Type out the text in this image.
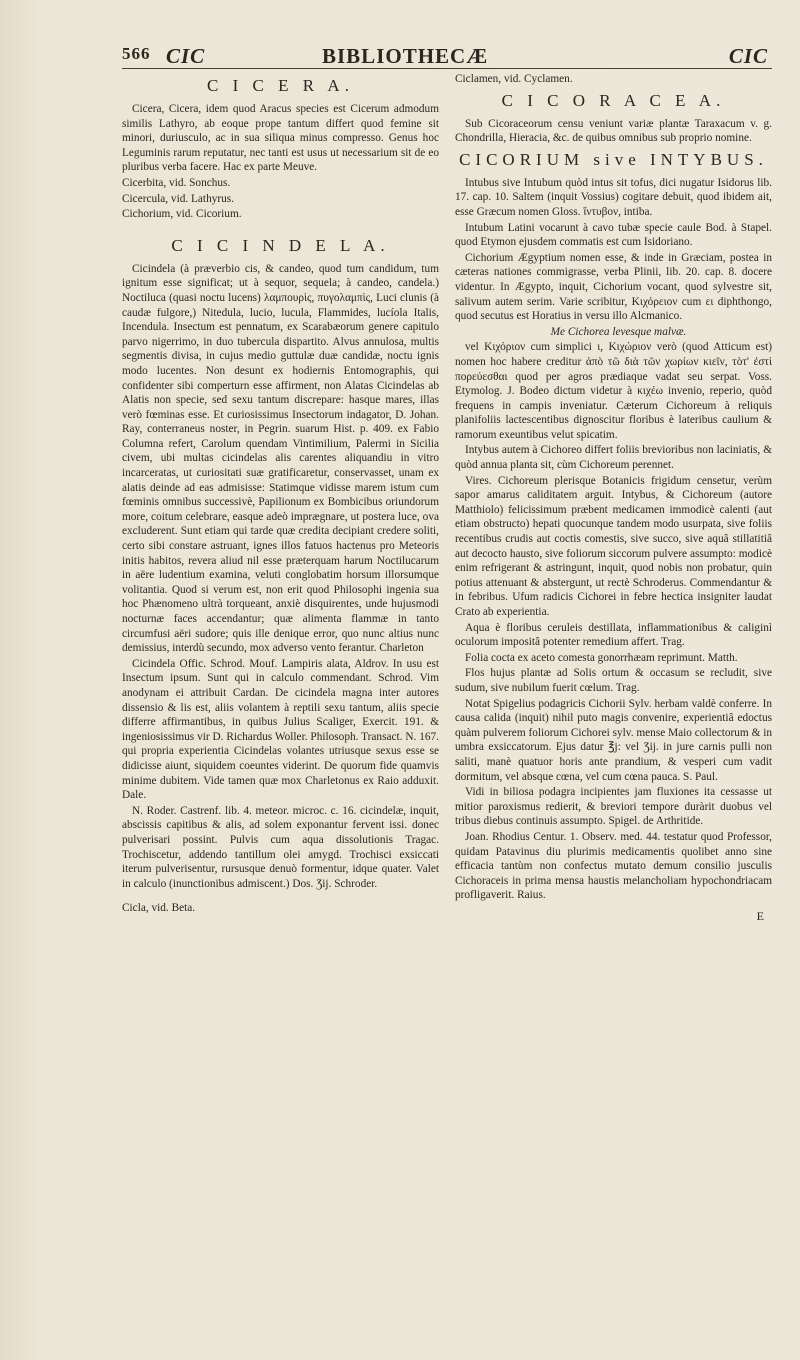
566 CIC	BIBLIOTHECÆ	CIC
C I C E R A.

Cicera, Cicera, idem quod Aracus species est Cicerum admodum similis Lathyro, ab eoque prope tantum differt quod femine sit minori, duriusculo, ac in sua siliqua minus compresso. Genus hoc Leguminis rarum reputatur, nec tanti est usus ut necessarium sit de eo pluribus verba facere. Hac ex parte Meuve.

Cicerbita, vid. Sonchus.

Cicercula, vid. Lathyrus.

Cichorium, vid. Cicorium.

C I C I N D E L A.

Cicindela (à præverbio cis, & candeo, quod tum candidum, tum ignitum esse significat; ut à sequor, sequela; à candeo, candela.) Noctiluca (quasi noctu lucens) λαμπουρὶς, πυγολαμπὶς, Luci clunis (à caudæ fulgore,) Nitedula, lucio, lucula, Flammides, lucíola Italis, Incendula. Insectum est pennatum, ex Scarabæorum genere capitulo parvo nigerrimo, in duo tubercula dispartito. Alvus annulosa, multis segmentis divisa, in cujus medio guttulæ duæ candidæ, noctu ignis modo lucentes. Non desunt ex hodiernis Entomographis, qui confidenter sibi comperturn esse affirment, non Alatas Cicindelas ab Alatis non specie, sed sexu tantum discrepare: hasque mares, illas verò fœminas esse. Et curiosissimus Insectorum indagator, D. Johan. Ray, conterraneus noster, in Pegrin. suarum Hist. p. 409. ex Fabio Columna refert, Carolum quendam Vintimilium, Palermi in Sicilia civem, ubi multas cicindelas alis carentes aliquandiu in vitro incarceratas, ut curiositati suæ gratificaretur, conservasset, unam ex alatis deinde ad eas admisisse: Statimque vidisse marem istum cum fœminis omnibus successivè, Papilionum ex Bombicibus oriundorum more, coitum celebrare, easque adeò imprægnare, ut postera luce, ova excluderent. Sunt etiam qui tarde quæ credita decipiant credere soliti, certo sibi constare astruant, ignes illos fatuos hactenus pro Meteoris initis habitos, revera aliud nil esse præterquam harum Noctilucarum in aëre ludentium examina, veluti conglobatim horsum illorsumque volitantia. Quod si verum est, non erit quod Philosophi ingenia sua hoc Phænomeno ultrà torqueant, anxiè disquirentes, unde hujusmodi nocturnæ faces accendantur; quæ alimenta flammæ in tanto circumfusi aëri sudore; quis ille denique error, quo nunc altius nunc demissius, interdù secundo, mox adverso vento ferantur. Charleton

Cicindela Offic. Schrod. Mouf. Lampiris alata, Aldrov. In usu est Insectum ipsum. Sunt qui in calculo commendant. Schrod. Vim anodynam ei attribuit Cardan. De cicindela magna inter autores dissensio & lis est, aliis volantem à reptili sexu tantum, aliis specie differre affirmantibus, in quibus Julius Scaliger, Exercit. 191. & ingeniosissimus vir D. Richardus Woller. Philosoph. Transact. N. 167. qui propria experientia Cicindelas volantes utriusque sexus esse se didicisse aiunt, siquidem coeuntes viderint. De quorum fide quamvis minime dubitem. Vide tamen quæ mox Charletonus ex Raio adduxit. Dale.

N. Roder. Castrenf. lib. 4. meteor. microc. c. 16. cicindelæ, inquit, abscissis capitibus & alis, ad solem exponantur fervent issi. donec pulverisari possint. Pulvis cum aqua dissolutionis Tragac. Trochiscetur, addendo tantillum olei amygd. Trochisci exsiccati iterum pulverisentur, rursusque denuò formentur, idque quater. Valet in calculo (inunctionibus admiscent.) Dos. Ʒij. Schroder.

Cicla, vid. Beta.

Ciclamen, vid. Cyclamen.

C I C O R A C E A.

Sub Cicoraceorum censu veniunt variæ plantæ Taraxacum v. g. Chondrilla, Hieracia, &c. de quibus omnibus sub proprio nomine.

CICORIUM sive INTYBUS.

Intubus sive Intubum quòd intus sit tofus, dici nugatur Isidorus lib. 17. cap. 10. Saltem (inquit Vossius) cogitare debuit, quod ibidem ait, esse Græcum nomen Gloss. ἴντυβον, intiba.

Intubum Latini vocarunt à cavo tubæ specie caule Bod. à Stapel. quod Etymon ejusdem commatis est cum Isidoriano.

Cichorium Ægyptium nomen esse, & inde in Græciam, postea in cæteras nationes commigrasse, verba Plinii, lib. 20. cap. 8. docere videntur. In Ægypto, inquit, Cichorium vocant, quod sylvestre sit, salivum autem serim. Varie scribitur, Κιχόρειον cum ει diphthongo, quod secutus est Horatius in versu illo Alcmanico.

Me Cichorea levesque malvæ.

vel Κιχόριον cum simplici ι, Κιχώριον verò (quod Atticum est) nomen hoc habere creditur ἀπὸ τῶ διὰ τῶν χωρίων κιεῖν, τὸτ' ἐστὶ πορεύεσθαι quod per agros prædiaque vadat seu serpat. Voss. Etymolog. J. Bodeo dictum videtur à κιχέω invenio, reperio, quòd frequens in campis inveniatur. Cæterum Cichoreum à reliquis planifoliis lactescentibus dignoscitur floribus è lateribus caulium & ramorum exeuntibus velut spicatim.

Intybus autem à Cichoreo differt foliis brevioribus non laciniatis, & quòd annua planta sit, cùm Cichoreum perennet.

Vires. Cichoreum plerisque Botanicis frigidum censetur, verùm sapor amarus caliditatem arguit. Intybus, & Cichoreum (autore Matthiolo) felicissimum præbent medicamen immodicè calenti (aut etiam obstructo) hepati quocunque tandem modo usurpata, sive foliis recentibus crudis aut coctis comestis, sive succo, sive aquâ stillatitiâ aut decocto hausto, sive foliorum siccorum pulvere assumpto: modicè enim refrigerant & astringunt, inquit, quod nobis non probatur, quin potius attenuant & abstergunt, ut rectè Schroderus. Commendantur & in febribus. Ufum radicis Cichorei in febre hectica insigniter laudat Crato ab experientia.

Aqua è floribus ceruleis destillata, inflammationibus & caliginì oculorum impositâ potenter remedium affert. Trag.

Folia cocta ex aceto comesta gonorrhæam reprimunt. Matth.

Flos hujus plantæ ad Solis ortum & occasum se recludit, sive sudum, sive nubilum fuerit cœlum. Trag.

Notat Spigelius podagricis Cichorii Sylv. herbam valdè conferre. In causa calida (inquit) nihil puto magis convenire, experientiâ edoctus quàm pulverem foliorum Cichorei sylv. mense Maio collectorum & in umbra exsiccatorum. Ejus datur ℥j: vel Ʒij. in jure carnis pulli non saliti, manè quatuor horis ante prandium, & vesperi cum vadit dormitum, vel absque cœna, vel cum cœna pauca. S. Paul.

Vidi in biliosa podagra incipientes jam fluxiones ita cessasse ut mitior paroxismus redierit, & breviori tempore duràrit duobus vel tribus diebus continuis assumpto. Spigel. de Arthritide.

Joan. Rhodius Centur. 1. Observ. med. 44. testatur quod Professor, quidam Patavinus diu plurimis medicamentis quolibet anno sine efficacia tantùm non confectus mutato demum consilio jusculis Cichoraceis in prima mensa haustis melancholiam hypochondriacam profligaverit. Raius.

E
